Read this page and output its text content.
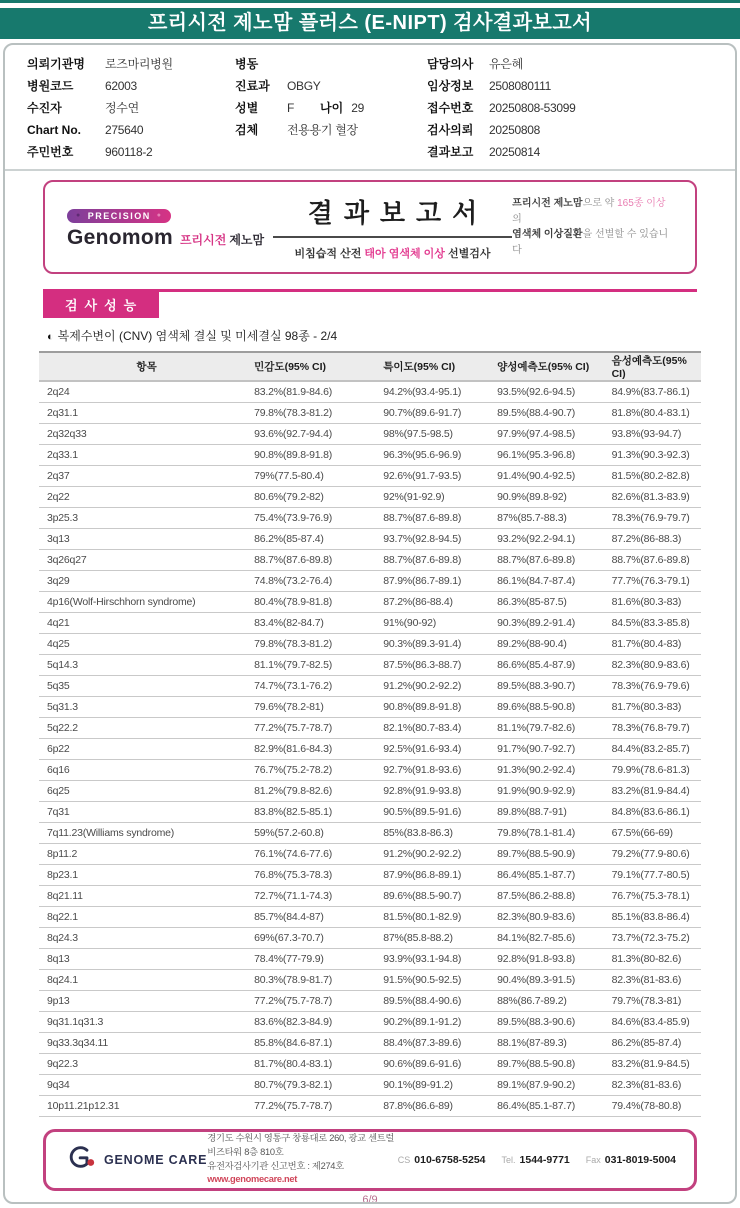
프리시전 제노맘 플러스 (E-NIPT) 검사결과보고서
의뢰기관명	로즈마리병원
병원코드	62003
수진자	정수연
Chart No.	275640
주민번호	960118-2
병동
진료과	OBGY
성별	F 나이 29
검체	전용용기 혈장
담당의사	유은혜
임상정보	2508080111
접수번호	20250808-53099
검사의뢰	20250808
결과보고	20250814
● PRECISION ●
Genomom 프리시전 제노맘
결과보고서
비침습적 산전 태아 염색체 이상 선별검사
프리시전 제노맘으로 약 165종 이상의
염색체 이상질환을 선별할 수 있습니다
검사성능
◐ 복제수변이 (CNV) 염색체 결실 및 미세결실 98종 - 2/4
항목	민감도(95% CI)	특이도(95% CI)	양성예측도(95% CI)	음성예측도(95% CI)
2q24	83.2%(81.9-84.6)	94.2%(93.4-95.1)	93.5%(92.6-94.5)	84.9%(83.7-86.1)
2q31.1	79.8%(78.3-81.2)	90.7%(89.6-91.7)	89.5%(88.4-90.7)	81.8%(80.4-83.1)
2q32q33	93.6%(92.7-94.4)	98%(97.5-98.5)	97.9%(97.4-98.5)	93.8%(93-94.7)
2q33.1	90.8%(89.8-91.8)	96.3%(95.6-96.9)	96.1%(95.3-96.8)	91.3%(90.3-92.3)
2q37	79%(77.5-80.4)	92.6%(91.7-93.5)	91.4%(90.4-92.5)	81.5%(80.2-82.8)
2q22	80.6%(79.2-82)	92%(91-92.9)	90.9%(89.8-92)	82.6%(81.3-83.9)
3p25.3	75.4%(73.9-76.9)	88.7%(87.6-89.8)	87%(85.7-88.3)	78.3%(76.9-79.7)
3q13	86.2%(85-87.4)	93.7%(92.8-94.5)	93.2%(92.2-94.1)	87.2%(86-88.3)
3q26q27	88.7%(87.6-89.8)	88.7%(87.6-89.8)	88.7%(87.6-89.8)	88.7%(87.6-89.8)
3q29	74.8%(73.2-76.4)	87.9%(86.7-89.1)	86.1%(84.7-87.4)	77.7%(76.3-79.1)
4p16(Wolf-Hirschhorn syndrome)	80.4%(78.9-81.8)	87.2%(86-88.4)	86.3%(85-87.5)	81.6%(80.3-83)
4q21	83.4%(82-84.7)	91%(90-92)	90.3%(89.2-91.4)	84.5%(83.3-85.8)
4q25	79.8%(78.3-81.2)	90.3%(89.3-91.4)	89.2%(88-90.4)	81.7%(80.4-83)
5q14.3	81.1%(79.7-82.5)	87.5%(86.3-88.7)	86.6%(85.4-87.9)	82.3%(80.9-83.6)
5q35	74.7%(73.1-76.2)	91.2%(90.2-92.2)	89.5%(88.3-90.7)	78.3%(76.9-79.6)
5q31.3	79.6%(78.2-81)	90.8%(89.8-91.8)	89.6%(88.5-90.8)	81.7%(80.3-83)
5q22.2	77.2%(75.7-78.7)	82.1%(80.7-83.4)	81.1%(79.7-82.6)	78.3%(76.8-79.7)
6p22	82.9%(81.6-84.3)	92.5%(91.6-93.4)	91.7%(90.7-92.7)	84.4%(83.2-85.7)
6q16	76.7%(75.2-78.2)	92.7%(91.8-93.6)	91.3%(90.2-92.4)	79.9%(78.6-81.3)
6q25	81.2%(79.8-82.6)	92.8%(91.9-93.8)	91.9%(90.9-92.9)	83.2%(81.9-84.4)
7q31	83.8%(82.5-85.1)	90.5%(89.5-91.6)	89.8%(88.7-91)	84.8%(83.6-86.1)
7q11.23(Williams syndrome)	59%(57.2-60.8)	85%(83.8-86.3)	79.8%(78.1-81.4)	67.5%(66-69)
8p11.2	76.1%(74.6-77.6)	91.2%(90.2-92.2)	89.7%(88.5-90.9)	79.2%(77.9-80.6)
8p23.1	76.8%(75.3-78.3)	87.9%(86.8-89.1)	86.4%(85.1-87.7)	79.1%(77.7-80.5)
8q21.11	72.7%(71.1-74.3)	89.6%(88.5-90.7)	87.5%(86.2-88.8)	76.7%(75.3-78.1)
8q22.1	85.7%(84.4-87)	81.5%(80.1-82.9)	82.3%(80.9-83.6)	85.1%(83.8-86.4)
8q24.3	69%(67.3-70.7)	87%(85.8-88.2)	84.1%(82.7-85.6)	73.7%(72.3-75.2)
8q13	78.4%(77-79.9)	93.9%(93.1-94.8)	92.8%(91.8-93.8)	81.3%(80-82.6)
8q24.1	80.3%(78.9-81.7)	91.5%(90.5-92.5)	90.4%(89.3-91.5)	82.3%(81-83.6)
9p13	77.2%(75.7-78.7)	89.5%(88.4-90.6)	88%(86.7-89.2)	79.7%(78.3-81)
9q31.1q31.3	83.6%(82.3-84.9)	90.2%(89.1-91.2)	89.5%(88.3-90.6)	84.6%(83.4-85.9)
9q33.3q34.11	85.8%(84.6-87.1)	88.4%(87.3-89.6)	88.1%(87-89.3)	86.2%(85-87.4)
9q22.3	81.7%(80.4-83.1)	90.6%(89.6-91.6)	89.7%(88.5-90.8)	83.2%(81.9-84.5)
9q34	80.7%(79.3-82.1)	90.1%(89-91.2)	89.1%(87.9-90.2)	82.3%(81-83.6)
10p11.21p12.31	77.2%(75.7-78.7)	87.8%(86.6-89)	86.4%(85.1-87.7)	79.4%(78-80.8)
GENOME CARE
경기도 수원시 영통구 창룡대로 260, 광교 센트럴비즈타워 8층 810호
유전자검사기관 신고번호 : 제274호
www.genomecare.net
CS 010-6758-5254 Tel. 1544-9771 Fax 031-8019-5004
6/9
